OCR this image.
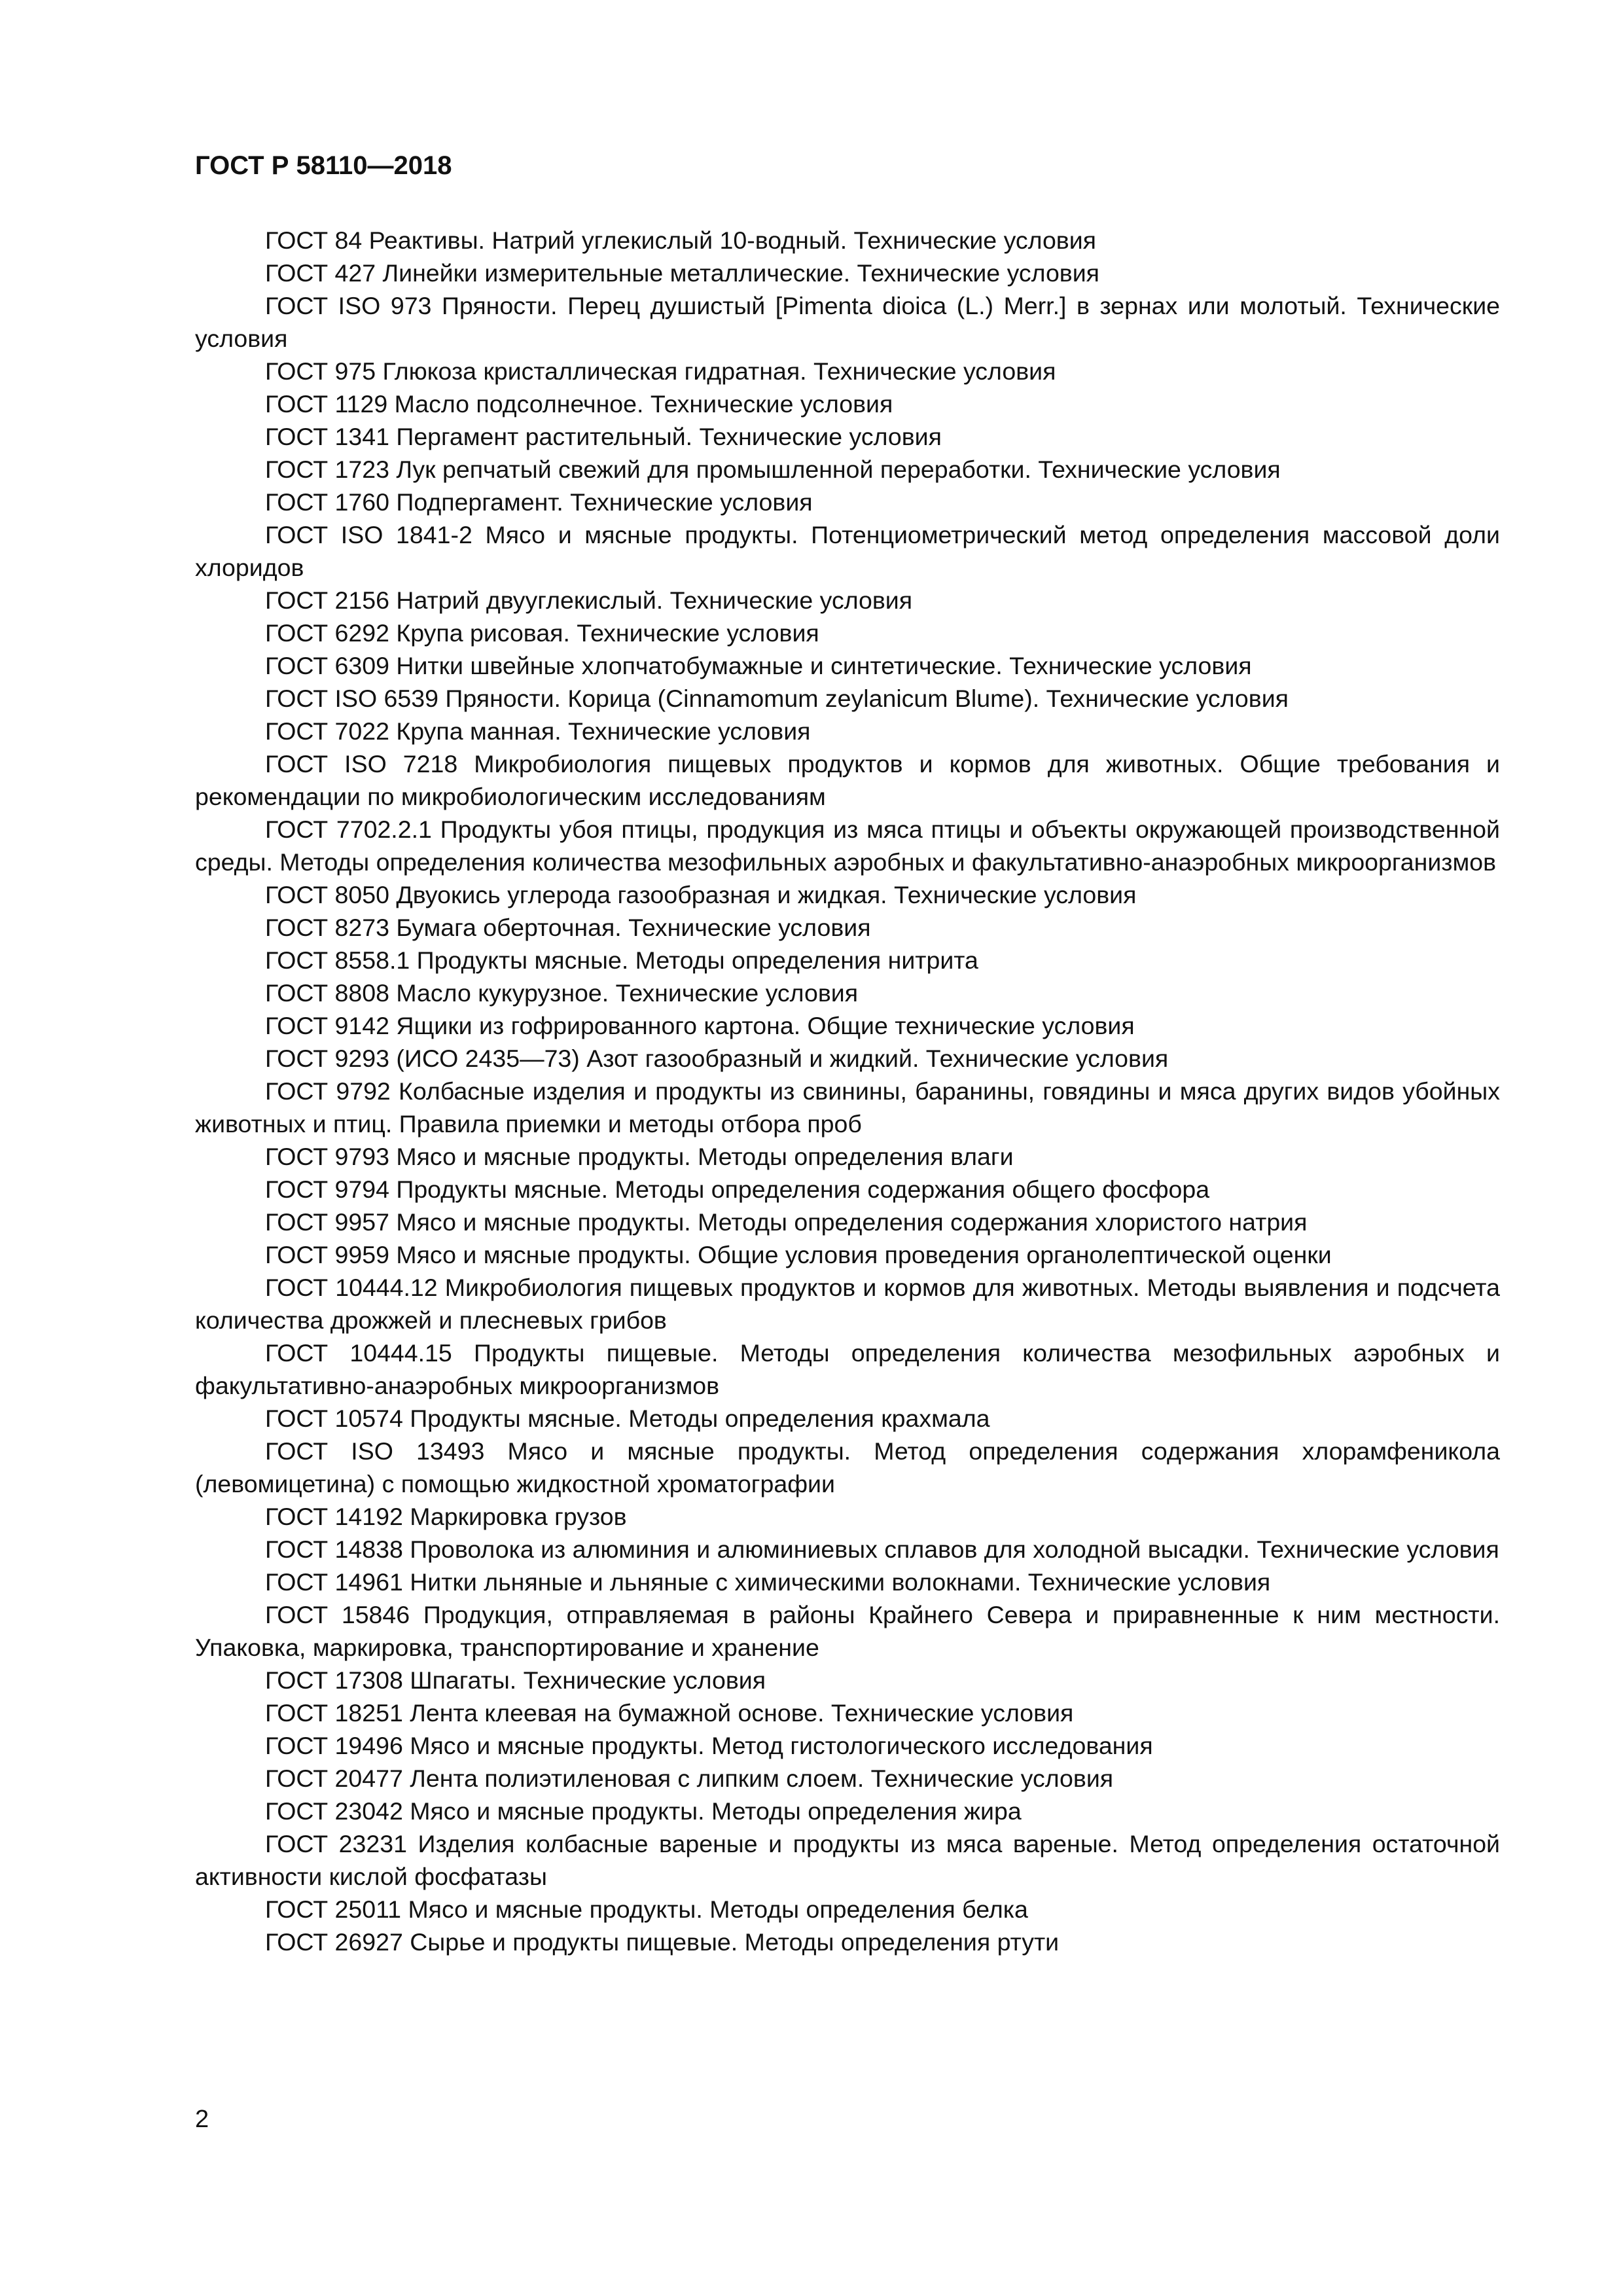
ГОСТ Р 58110—2018
ГОСТ 84 Реактивы. Натрий углекислый 10-водный. Технические условия
ГОСТ 427 Линейки измерительные металлические. Технические условия
ГОСТ ISO 973 Пряности. Перец душистый [Pimenta dioica (L.) Merr.] в зернах или молотый. Технические условия
ГОСТ 975 Глюкоза кристаллическая гидратная. Технические условия
ГОСТ 1129 Масло подсолнечное. Технические условия
ГОСТ 1341 Пергамент растительный. Технические условия
ГОСТ 1723 Лук репчатый свежий для промышленной переработки. Технические условия
ГОСТ 1760 Подпергамент. Технические условия
ГОСТ ISO 1841-2 Мясо и мясные продукты. Потенциометрический метод определения массовой доли хлоридов
ГОСТ 2156 Натрий двууглекислый. Технические условия
ГОСТ 6292 Крупа рисовая. Технические условия
ГОСТ 6309 Нитки швейные хлопчатобумажные и синтетические. Технические условия
ГОСТ ISO 6539 Пряности. Корица (Cinnamomum zeylanicum Blume). Технические условия
ГОСТ 7022 Крупа манная. Технические условия
ГОСТ ISO 7218 Микробиология пищевых продуктов и кормов для животных. Общие требования и рекомендации по микробиологическим исследованиям
ГОСТ 7702.2.1 Продукты убоя птицы, продукция из мяса птицы и объекты окружающей производственной среды. Методы определения количества мезофильных аэробных и факультативно-анаэробных микроорганизмов
ГОСТ 8050 Двуокись углерода газообразная и жидкая. Технические условия
ГОСТ 8273 Бумага оберточная. Технические условия
ГОСТ 8558.1 Продукты мясные. Методы определения нитрита
ГОСТ 8808 Масло кукурузное. Технические условия
ГОСТ 9142 Ящики из гофрированного картона. Общие технические условия
ГОСТ 9293 (ИСО 2435—73) Азот газообразный и жидкий. Технические условия
ГОСТ 9792 Колбасные изделия и продукты из свинины, баранины, говядины и мяса других видов убойных животных и птиц. Правила приемки и методы отбора проб
ГОСТ 9793 Мясо и мясные продукты. Методы определения влаги
ГОСТ 9794 Продукты мясные. Методы определения содержания общего фосфора
ГОСТ 9957 Мясо и мясные продукты. Методы определения содержания хлористого натрия
ГОСТ 9959 Мясо и мясные продукты. Общие условия проведения органолептической оценки
ГОСТ 10444.12 Микробиология пищевых продуктов и кормов для животных. Методы выявления и подсчета количества дрожжей и плесневых грибов
ГОСТ 10444.15 Продукты пищевые. Методы определения количества мезофильных аэробных и факультативно-анаэробных микроорганизмов
ГОСТ 10574 Продукты мясные. Методы определения крахмала
ГОСТ ISO 13493 Мясо и мясные продукты. Метод определения содержания хлорамфеникола (левомицетина) с помощью жидкостной хроматографии
ГОСТ 14192 Маркировка грузов
ГОСТ 14838 Проволока из алюминия и алюминиевых сплавов для холодной высадки. Технические условия
ГОСТ 14961 Нитки льняные и льняные с химическими волокнами. Технические условия
ГОСТ 15846 Продукция, отправляемая в районы Крайнего Севера и приравненные к ним местности. Упаковка, маркировка, транспортирование и хранение
ГОСТ 17308 Шпагаты. Технические условия
ГОСТ 18251 Лента клеевая на бумажной основе. Технические условия
ГОСТ 19496 Мясо и мясные продукты. Метод гистологического исследования
ГОСТ 20477 Лента полиэтиленовая с липким слоем. Технические условия
ГОСТ 23042 Мясо и мясные продукты. Методы определения жира
ГОСТ 23231 Изделия колбасные вареные и продукты из мяса вареные. Метод определения остаточной активности кислой фосфатазы
ГОСТ 25011 Мясо и мясные продукты. Методы определения белка
ГОСТ 26927 Сырье и продукты пищевые. Методы определения ртути
2
